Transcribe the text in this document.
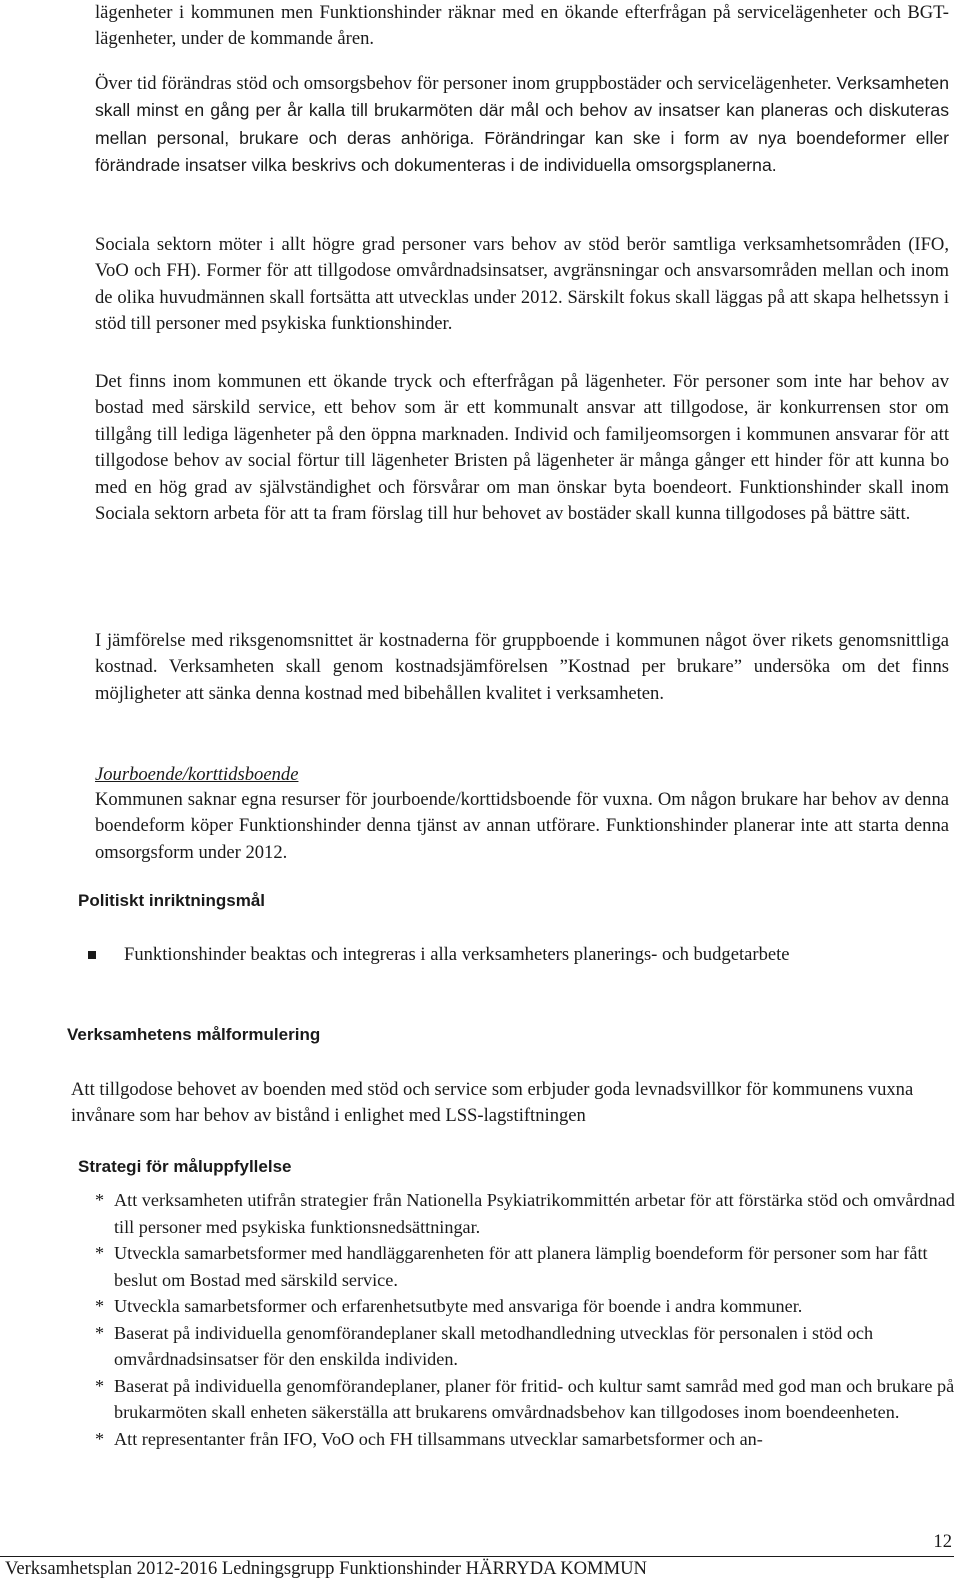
lägenheter i kommunen men Funktionshinder räknar med en ökande efterfrågan på servicelägenheter och BGT-lägenheter, under de kommande åren.

Över tid förändras stöd och omsorgsbehov för personer inom gruppbostäder och servicelägenheter. Verksamheten skall minst en gång per år kalla till brukarmöten där mål och behov av insatser kan planeras och diskuteras mellan personal, brukare och deras anhöriga. Förändringar kan ske i form av nya boendeformer eller förändrade insatser vilka beskrivs och dokumenteras i de individuella omsorgsplanerna.

Sociala sektorn möter i allt högre grad personer vars behov av stöd berör samtliga verksamhetsområden (IFO, VoO och FH). Former för att tillgodose omvårdnadsinsatser, avgränsningar och ansvarsområden mellan och inom de olika huvudmännen skall fortsätta att utvecklas under 2012. Särskilt fokus skall läggas på att skapa helhetssyn i stöd till personer med psykiska funktionshinder.

Det finns inom kommunen ett ökande tryck och efterfrågan på lägenheter. För personer som inte har behov av bostad med särskild service, ett behov som är ett kommunalt ansvar att tillgodose, är konkurrensen stor om tillgång till lediga lägenheter på den öppna marknaden. Individ och familjeomsorgen i kommunen ansvarar för att tillgodose behov av social förtur till lägenheter Bristen på lägenheter är många gånger ett hinder för att kunna bo med en hög grad av självständighet och försvårar om man önskar byta boendeort. Funktionshinder skall inom Sociala sektorn arbeta för att ta fram förslag till hur behovet av bostäder skall kunna tillgodoses på bättre sätt.

I jämförelse med riksgenomsnittet är kostnaderna för gruppboende i kommunen något över rikets genomsnittliga kostnad. Verksamheten skall genom kostnadsjämförelsen ”Kostnad per brukare” undersöka om det finns möjligheter att sänka denna kostnad med bibehållen kvalitet i verksamheten.

Jourboende/korttidsboende

Kommunen saknar egna resurser för jourboende/korttidsboende för vuxna. Om någon brukare har behov av denna boendeform köper Funktionshinder denna tjänst av annan utförare. Funktionshinder planerar inte att starta denna omsorgsform under 2012.

Politiskt inriktningsmål

Funktionshinder beaktas och integreras i alla verksamheters planerings- och budgetarbete

Verksamhetens målformulering

Att tillgodose behovet av boenden med stöd och service som erbjuder goda levnadsvillkor för kommunens vuxna invånare som har behov av bistånd i enlighet med LSS-lagstiftningen

Strategi för måluppfyllelse

* Att verksamheten utifrån strategier från Nationella Psykiatrikommittén arbetar för att förstärka stöd och omvårdnad till personer med psykiska funktionsnedsättningar.
* Utveckla samarbetsformer med handläggarenheten för att planera lämplig boendeform för personer som har fått beslut om Bostad med särskild service.
* Utveckla samarbetsformer och erfarenhetsutbyte med ansvariga för boende i andra kommuner.
* Baserat på individuella genomförandeplaner skall metodhandledning utvecklas för personalen i stöd och omvårdnadsinsatser för den enskilda individen.
* Baserat på individuella genomförandeplaner, planer för fritid- och kultur samt samråd med god man och brukare på brukarmöten skall enheten säkerställa att brukarens omvårdnadsbehov kan tillgodoses inom boendeenheten.
* Att representanter från IFO, VoO och FH tillsammans utvecklar samarbetsformer och an-

12

Verksamhetsplan 2012-2016 Ledningsgrupp Funktionshinder HÄRRYDA KOMMUN
